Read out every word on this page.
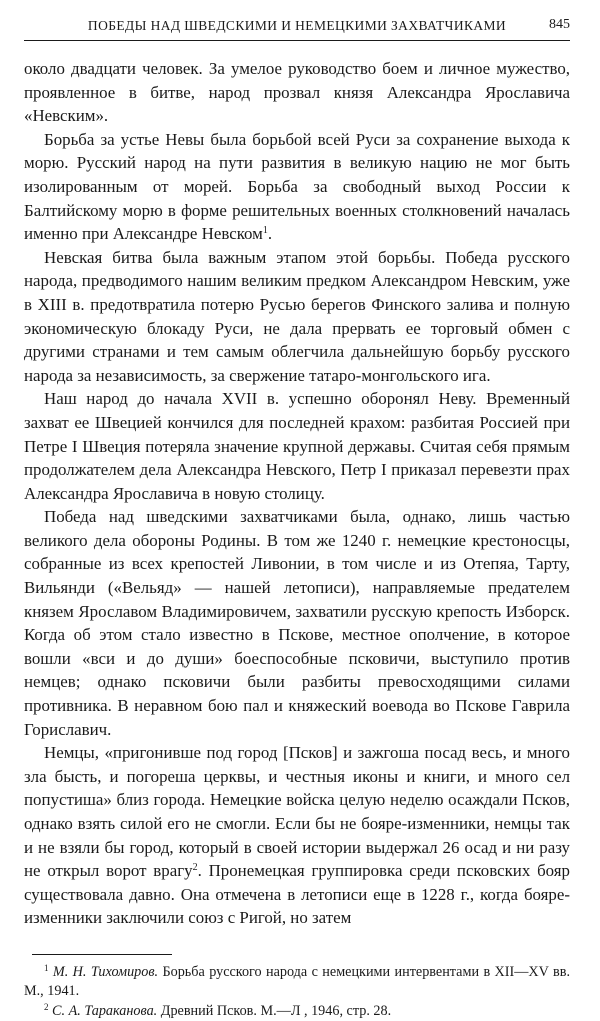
ПОБЕДЫ НАД ШВЕДСКИМИ И НЕМЕЦКИМИ ЗАХВАТЧИКАМИ	845

около двадцати человек. За умелое руководство боем и личное мужество, проявленное в битве, народ прозвал князя Александра Ярославича «Невским».

Борьба за устье Невы была борьбой всей Руси за сохранение выхода к морю. Русский народ на пути развития в великую нацию не мог быть изолированным от морей. Борьба за свободный выход России к Балтийскому морю в форме решительных военных столкновений началась именно при Александре Невском$^1$.

Невская битва была важным этапом этой борьбы. Победа русского народа, предводимого нашим великим предком Александром Невским, уже в XIII в. предотвратила потерю Русью берегов Финского залива и полную экономическую блокаду Руси, не дала прервать ее торговый обмен с другими странами и тем самым облегчила дальнейшую борьбу русского народа за независимость, за свержение татаро-монгольского ига.

Наш народ до начала XVII в. успешно оборонял Неву. Временный захват ее Швецией кончился для последней крахом: разбитая Россией при Петре I Швеция потеряла значение крупной державы. Считая себя прямым продолжателем дела Александра Невского, Петр I приказал перевезти прах Александра Ярославича в новую столицу.

Победа над шведскими захватчиками была, однако, лишь частью великого дела обороны Родины. В том же 1240 г. немецкие крестоносцы, собранные из всех крепостей Ливонии, в том числе и из Отепяа, Тарту, Вильянди («Вельяд» — нашей летописи), направляемые предателем князем Ярославом Владимировичем, захватили русскую крепость Изборск. Когда об этом стало известно в Пскове, местное ополчение, в которое вошли «вси и до души» боеспособные псковичи, выступило против немцев; однако псковичи были разбиты превосходящими силами противника. В неравном бою пал и княжеский воевода во Пскове Гаврила Гориславич.

Немцы, «пригонивше под город [Псков] и зажгоша посад весь, и много зла бысть, и погореша церквы, и честныя иконы и книги, и много сел попустиша» близ города. Немецкие войска целую неделю осаждали Псков, однако взять силой его не смогли. Если бы не бояре-изменники, немцы так и не взяли бы город, который в своей истории выдержал 26 осад и ни разу не открыл ворот врагу$^2$. Пронемецкая группировка среди псковских бояр существовала давно. Она отмечена в летописи еще в 1228 г., когда бояре-изменники заключили союз с Ригой, но затем

$^1$ М. Н. Тихомиров. Борьба русского народа с немецкими интервентами в XII—XV вв. М., 1941.

$^2$ С. А. Тараканова. Древний Псков. М.—Л , 1946, стр. 28.
